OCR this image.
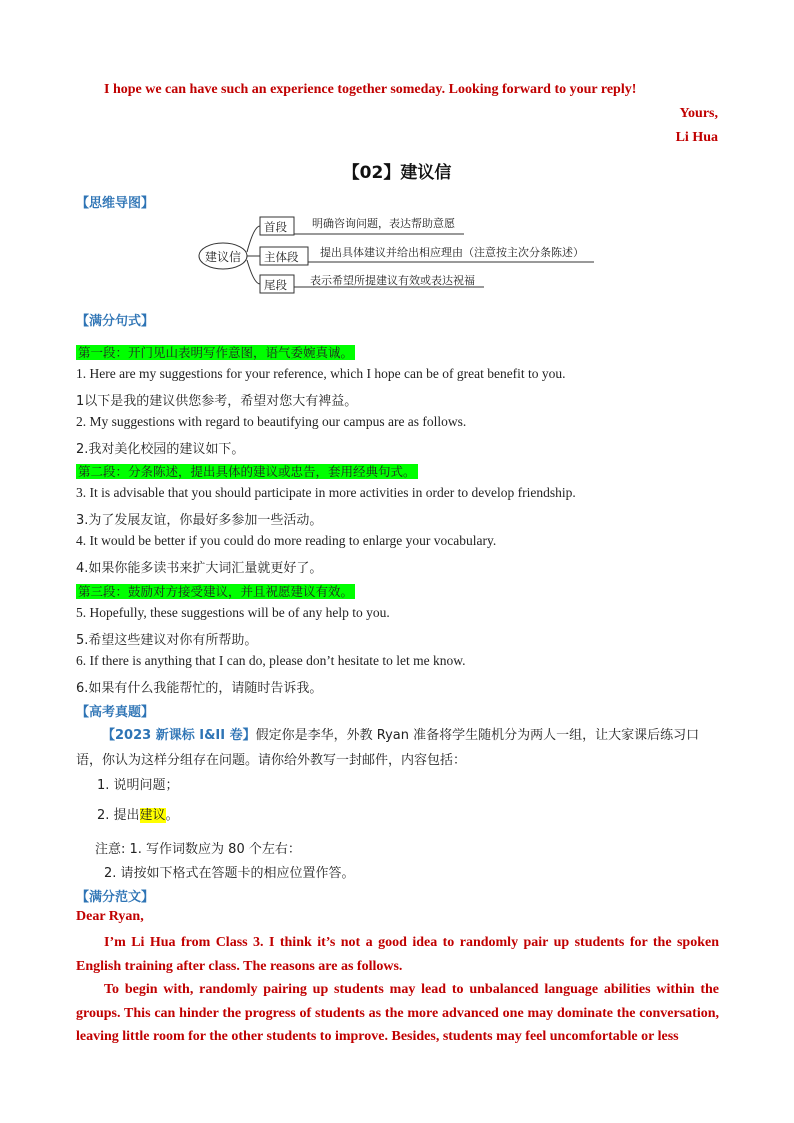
I hope we can have such an experience together someday. Looking forward to your reply!
Yours,
Li Hua
【02】建议信
【思维导图】
建议信
首段
主体段
尾段
明确咨询问题，表达帮助意愿
提出具体建议并给出相应理由（注意按主次分条陈述）
表示希望所提建议有效或表达祝福
【满分句式】
第一段：开门见山表明写作意图，语气委婉真诚。
1. Here are my suggestions for your reference, which I hope can be of great benefit to you.
1以下是我的建议供您参考，希望对您大有裨益。
2. My suggestions with regard to beautifying our campus are as follows.
2.我对美化校园的建议如下。
第二段：分条陈述，提出具体的建议或忠告，套用经典句式。
3. It is advisable that you should participate in more activities in order to develop friendship.
3.为了发展友谊，你最好多参加一些活动。
4. It would be better if you could do more reading to enlarge your vocabulary.
4.如果你能多读书来扩大词汇量就更好了。
第三段：鼓励对方接受建议，并且祝愿建议有效。
5. Hopefully, these suggestions will be of any help to you.
5.希望这些建议对你有所帮助。
6. If there is anything that I can do, please don’t hesitate to let me know.
6.如果有什么我能帮忙的，请随时告诉我。
【高考真题】
【2023 新课标 I&II 卷】假定你是李华，外教 Ryan 准备将学生随机分为两人一组，让大家课后练习口
语，你认为这样分组存在问题。请你给外教写一封邮件，内容包括：
1. 说明问题；
2. 提出建议。
注意: 1. 写作词数应为 80 个左右：
2. 请按如下格式在答题卡的相应位置作答。
【满分范文】
Dear Ryan,
I’m Li Hua from Class 3. I think it’s not a good idea to randomly pair up students for the spoken English training after class. The reasons are as follows.
To begin with, randomly pairing up students may lead to unbalanced language abilities within the groups. This can hinder the progress of students as the more advanced one may dominate the conversation, leaving little room for the other students to improve. Besides, students may feel uncomfortable or less
